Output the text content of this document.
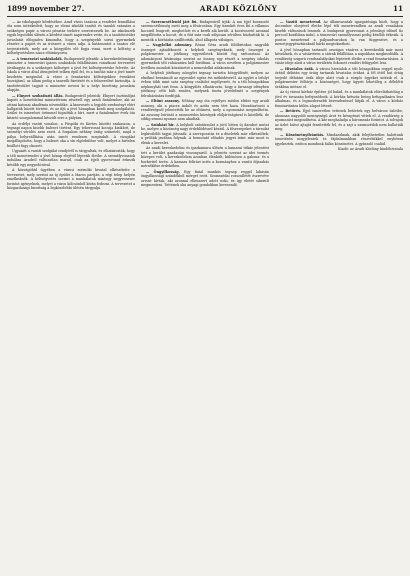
1899 november 27.	ARADI KÖZLÖNY	11

— Az iskolapapír kérdéséhez. Arad város tanácsa a rendelet fennállása óta nem intézkedett, hogy az elemi iskolák tanítói és tanulói számára a szükséges papír a városi pénztár terhére szereztessék be. Az iskolaszék egyik legutóbbi ülésén a kérdést ismét napirendre vette, és a tanítótestület javaslatát elfogadva kimondta, hogy a szegényebb sorsú gyermekek részére a papírt és az írószert a város adja. A határozatot a tanács elé terjesztették, mely azt a közgyűlés elé fogja vinni, mert a költség a költségvetésben nincs előirányozva.

— A temesvári szakiskolák. Budapestről jelentik: A kereskedelemügyi miniszter a temesvári iparos szakiskola felállítására vonatkozó tervezetet jóváhagyta és a szükséges költséget a jövő évi költségvetésbe felvette. Az iskola a város által átengedett telken épül fel, és a tanítás már a jövő tanév kezdetén megindul. A város a fenntartási költségekhez évenként hozzájárul, az állam pedig a tanerők fizetését és a felszerelést biztosítja. A tanítótestület tagjait a miniszter nevezi ki a helyi bizottság javaslata alapján.

— Elnyert szobatiszti állás. Budapestről jelentik: Elnyert ösztöndíjat kapott a honvédelmi minisztérium részéről egy aradi fiatalember, aki az ottani katonai akadémia növendéke. A kinevezés a legjobb eredményt elért hallgatók között történt, és az ifjú a jövő hónapban kezdi meg szolgálatát. Szülei és ismerősei örömmel fogadták a hírt, mert a fiatalember évek óta kitartó szorgalommal készült erre a pályára.

Az erdélyi vasúti vonalon, a Püspöki és Kertes közötti szakaszon, a tegnapi napon kisebb baleset történt. Egy tehervonat kocsija kisiklott, de személyi sérülés nem esett. A forgalom néhány óráig szünetelt, majd a pálya helyreállítása után ismét rendesen megindult. A vizsgálat megállapította, hogy a baleset oka a sín elgörbülése volt, melyet a hirtelen beállott fagy okozott.

Ugyanitt a vasúti szolgálat rendjéről is tárgyaltak, és elhatározták, hogy a téli menetrendet a jövő hónap elejétől léptetik életbe. A személyvonatok indulása Aradról változatlan marad, csak az éjjeli gyorsvonat érkezik később egy negyedórával.

A közvágóhíd ügyében a városi mérnöki hivatal elkészítette a tervezetet, mely szerint az új épület a Maros partján, a régi telep helyén emelkednék. A költségvetés szerint a munkálatok mintegy negyvenezer forintot igényelnek, melyet a város kölcsönből kíván fedezni. A tervezetet a közgazdasági bizottság a legközelebbi ülésén tárgyalja.

— Szerencsétlenül járt fiú. Budapestről írják: A ma éjjel borzasztó szerencsétlenség esett meg a fővárosban. Egy tizenkét éves fiú a villamos kocsiról leugrott, megbotlott és a kerék alá került. A kocsivezető azonnal megállította a kocsit, de a fiút már csak súlyosan sérülten húzhatták ki. A mentők a kórházba szállították, ahol állapota válságos.

— Nagylelkű adomány. Rónai Géza aradi földbirtokos nagyobb összeget ajándékozott a helybeli szegényeknek, mely összeget a polgármester a jótékony egyesületek között fog szétosztani. Az adományozó kívánsága szerint az összeg egy részét a szegény iskolás gyermekek téli ruházatára kell fordítani. A város nevében a polgármester levélben mondott köszönetet a nemeslelkű adakozónak.

A helybeli jótékony nőegylet tegnap tartotta közgyűlését, melyen az elnöknő beszámolt az egyesület egész évi működéséről. Az egylet a lefolyt évben több mint száz szegény családot segélyezett, és a téli hónapokban népkonyhát tart fenn. A közgyűlés elhatározta, hogy a farsangi idényben jótékony célú bált rendez, melynek tiszta jövedelmét a szegények felruházására fordítják.

— Eltűnt asszony. Néhány nap óta rejtélyes módon eltűnt egy aradi asszony, aki a piacra indult és azóta nem tért haza. Hozzátartozói a rendőrségnél jelentették be az eltűnést, mely a nyomozást megindította. Az asszony leírását a szomszédos községek elöljáróságával is közölték, de eddig semmi nyomra nem akadtak.

— Színházi hír. A helybeli színtársulat a jövő héten új darabot mutat be, melyre a közönség nagy érdeklődéssel készül. A főszerepeket a társulat legkiválóbb tagjai játsszák. A szereposztás és a díszletek már elkészültek, a próbák javában folynak. A bemutató előadás jegyei iránt már most is élénk a kereslet.

Az aradi kereskedelmi és iparkamara ülésén a kamarai titkár jelentést tett a kerület gazdasági viszonyairól. A jelentés szerint az idei termés közepes volt, a kereskedelem azonban élénkült, különösen a gabona- és a borkivitel terén. A kamara felírást intéz a kormányhoz a vasúti díjszabás mérséklése érdekében.

— Öngyilkosság. Egy fiatal munkás tegnap reggel lakásán öngyilkossági szándékból mérget ivott. Szomszédai rosszullétét észrevéve orvost hívtak, aki azonnal ellenszert adott neki, és így életét sikerült megmenteni. Tettének oka anyagi gondokban keresendő.

— Vasúti menetrend. Az államvasutak igazgatósága közli, hogy a december elsejével életbe lépő téli menetrendben az aradi vonalakon kisebb változások lesznek. A budapesti gyorsvonat a jelenlegi időnél tíz perccel korábban indul, a temesvári személyvonat pedig később érkezik. A pontos menetrend a pályaudvarokon ki van függesztve, és a menetjegypénztáraknál bárki megtekintheti.

A jövő hónapban tartandó országos vásárra a kereskedők már most készülnek, és a vásártéren a sátrak felállítása a napokban megkezdődik. A rendőrség szigorú rendszabályokat léptetett életbe a rend fenntartására. A vásár ideje alatt a város területén fokozott rendőri felügyelet lesz.

— Hivatalos órák. A városi hivatalok a téli hónapokban reggel nyolc órától délután egy óráig tartanak hivatalos órákat. A fél öttől hat óráig terjedő délutáni órák ideje alatt csak a sürgős ügyeket intézik el. A polgármester felhívja a közönséget, hogy ügyeit lehetőleg a délelőtti órákban intézze el.

Az új városi kórház építése jól halad, és a munkálatok előreláthatólag a jövő év tavaszán befejeződnek. A kórház kétszáz beteg befogadására lesz alkalmas, és a legmodernebb berendezéssel látják el. A város a kórház fenntartására külön alapot létesít.

— Betörés. Éjjel ismeretlen tettesek betörtek egy belvárosi üzletbe, ahonnan nagyobb mennyiségű árut és készpénzt vittek el. A rendőrség a nyomozást megindította. A kár meghaladja a háromszáz forintot. A tolvajok az üzlet hátsó ajtaját feszítették fel, és a zajt a szomszédok nem hallották meg.

— Köszönetnyilvánítás. Mindazoknak, akik felejthetetlen halottunk temetésén megjelentek és fájdalmunkban részvétükkel enyhíteni igyekeztek, ezúton mondunk hálás köszönetet. A gyászoló család.

Kiadó: az Aradi Közlöny kiadóhivatala
